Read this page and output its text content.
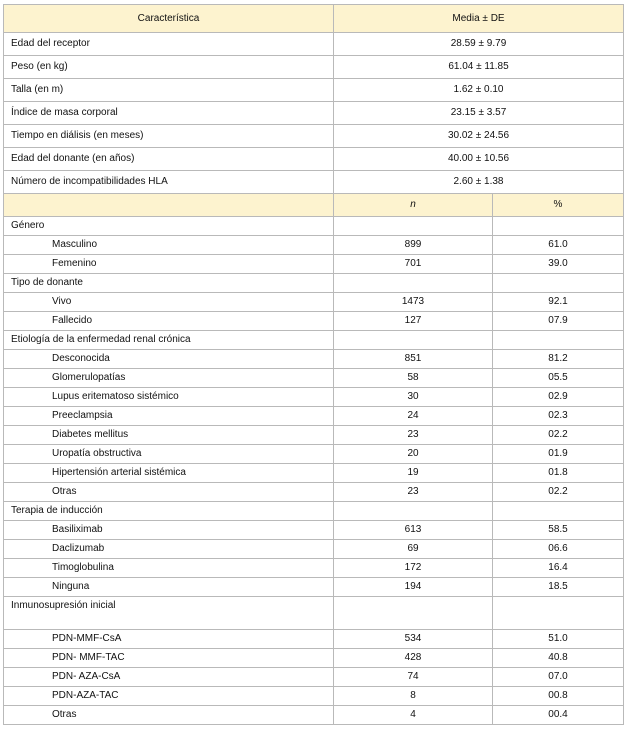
Característica	Media ± DE	
Edad del receptor	28.59 ± 9.79	
Peso (en kg)	61.04 ± 11.85	
Talla (en m)	1.62 ± 0.10	
Índice de masa corporal	23.15 ± 3.57	
Tiempo en diálisis (en meses)	30.02 ± 24.56	
Edad del donante (en años)	40.00 ± 10.56	
Número de incompatibilidades HLA	2.60 ± 1.38	
	n	%
Género		
Masculino	899	61.0
Femenino	701	39.0
Tipo de donante		
Vivo	1473	92.1
Fallecido	127	07.9
Etiología de la enfermedad renal crónica		
Desconocida	851	81.2
Glomerulopatías	58	05.5
Lupus eritematoso sistémico	30	02.9
Preeclampsia	24	02.3
Diabetes mellitus	23	02.2
Uropatía obstructiva	20	01.9
Hipertensión arterial sistémica	19	01.8
Otras	23	02.2
Terapia de inducción		
Basiliximab	613	58.5
Daclizumab	69	06.6
Timoglobulina	172	16.4
Ninguna	194	18.5
Inmunosupresión inicial		
PDN-MMF-CsA	534	51.0
PDN- MMF-TAC	428	40.8
PDN- AZA-CsA	74	07.0
PDN-AZA-TAC	8	00.8
Otras	4	00.4
